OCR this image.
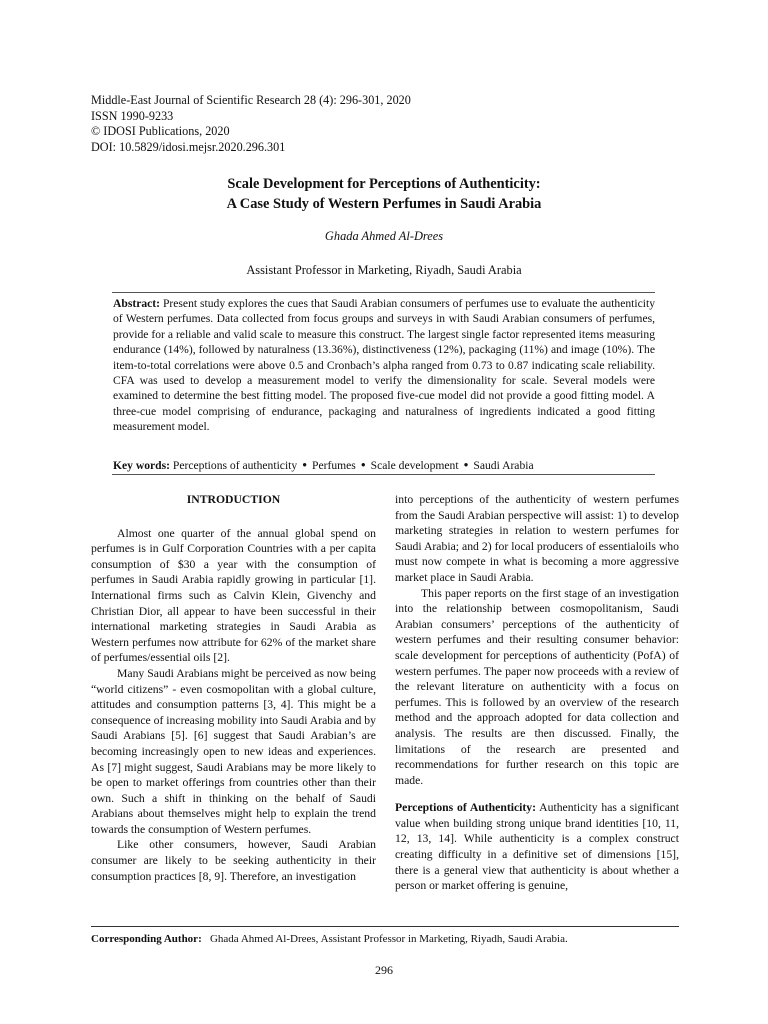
Middle-East Journal of Scientific Research 28 (4): 296-301, 2020
ISSN 1990-9233
© IDOSI Publications, 2020
DOI: 10.5829/idosi.mejsr.2020.296.301
Scale Development for Perceptions of Authenticity:
A Case Study of Western Perfumes in Saudi Arabia
Ghada Ahmed Al-Drees
Assistant Professor in Marketing, Riyadh, Saudi Arabia
Abstract: Present study explores the cues that Saudi Arabian consumers of perfumes use to evaluate the authenticity of Western perfumes. Data collected from focus groups and surveys in with Saudi Arabian consumers of perfumes, provide for a reliable and valid scale to measure this construct. The largest single factor represented items measuring endurance (14%), followed by naturalness (13.36%), distinctiveness (12%), packaging (11%) and image (10%). The item-to-total correlations were above 0.5 and Cronbach’s alpha ranged from 0.73 to 0.87 indicating scale reliability. CFA was used to develop a measurement model to verify the dimensionality for scale. Several models were examined to determine the best fitting model. The proposed five-cue model did not provide a good fitting model. A three-cue model comprising of endurance, packaging and naturalness of ingredients indicated a good fitting measurement model.
Key words: Perceptions of authenticity ● Perfumes ● Scale development ● Saudi Arabia
INTRODUCTION

Almost one quarter of the annual global spend on perfumes is in Gulf Corporation Countries with a per capita consumption of $30 a year with the consumption of perfumes in Saudi Arabia rapidly growing in particular [1]. International firms such as Calvin Klein, Givenchy and Christian Dior, all appear to have been successful in their international marketing strategies in Saudi Arabia as Western perfumes now attribute for 62% of the market share of perfumes/essential oils [2].

Many Saudi Arabians might be perceived as now being “world citizens” - even cosmopolitan with a global culture, attitudes and consumption patterns [3, 4]. This might be a consequence of increasing mobility into Saudi Arabia and by Saudi Arabians [5]. [6] suggest that Saudi Arabian’s are becoming increasingly open to new ideas and experiences. As [7] might suggest, Saudi Arabians may be more likely to be open to market offerings from countries other than their own. Such a shift in thinking on the behalf of Saudi Arabians about themselves might help to explain the trend towards the consumption of Western perfumes.

Like other consumers, however, Saudi Arabian consumer are likely to be seeking authenticity in their consumption practices [8, 9]. Therefore, an investigation

into perceptions of the authenticity of western perfumes from the Saudi Arabian perspective will assist: 1) to develop marketing strategies in relation to western perfumes for Saudi Arabia; and 2) for local producers of essentialoils who must now compete in what is becoming a more aggressive market place in Saudi Arabia.

This paper reports on the first stage of an investigation into the relationship between cosmopolitanism, Saudi Arabian consumers’ perceptions of the authenticity of western perfumes and their resulting consumer behavior: scale development for perceptions of authenticity (PofA) of western perfumes. The paper now proceeds with a review of the relevant literature on authenticity with a focus on perfumes. This is followed by an overview of the research method and the approach adopted for data collection and analysis. The results are then discussed. Finally, the limitations of the research are presented and recommendations for further research on this topic are made.

Perceptions of Authenticity: Authenticity has a significant value when building strong unique brand identities [10, 11, 12, 13, 14]. While authenticity is a complex construct creating difficulty in a definitive set of dimensions [15], there is a general view that authenticity is about whether a person or market offering is genuine,

Corresponding Author: Ghada Ahmed Al-Drees, Assistant Professor in Marketing, Riyadh, Saudi Arabia.
296
